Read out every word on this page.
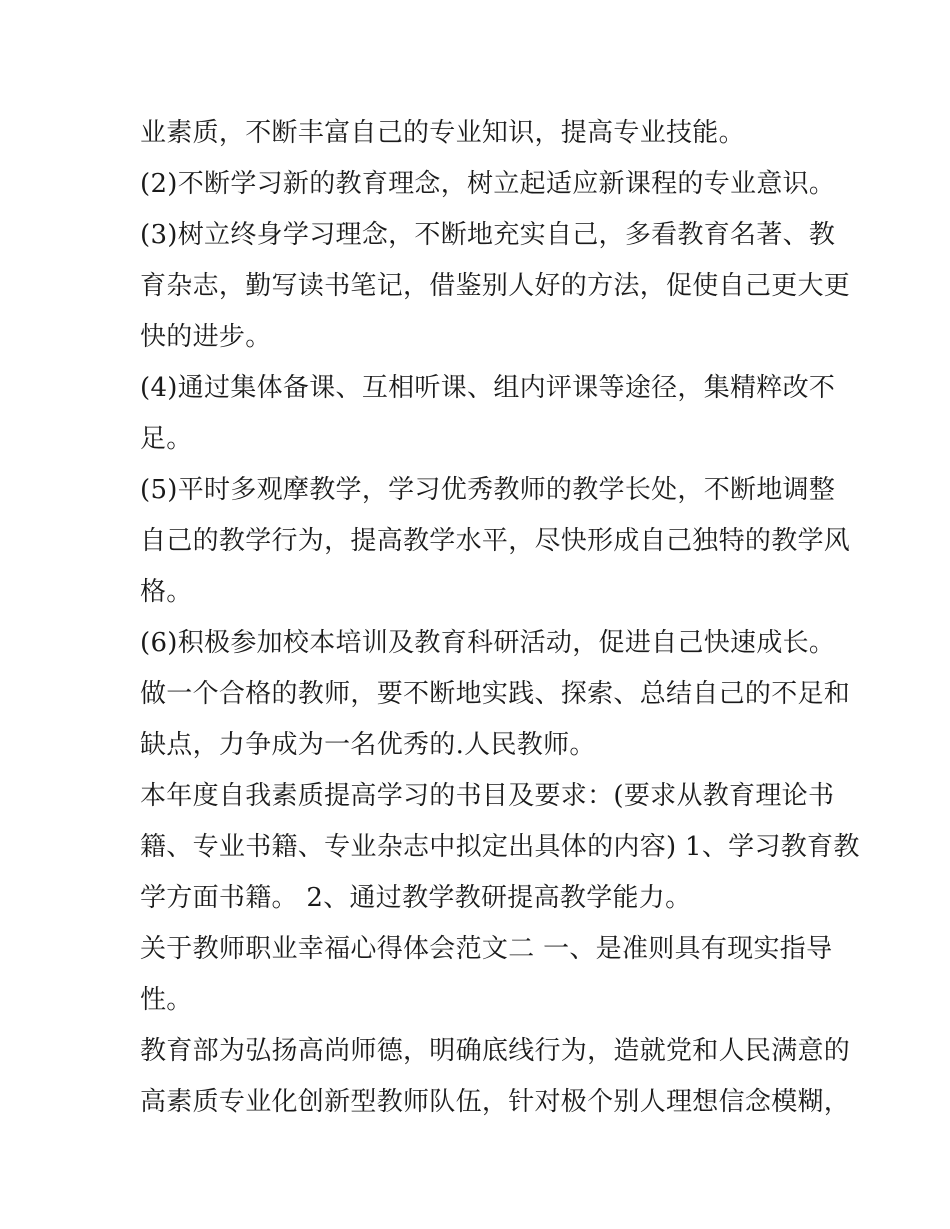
业素质，不断丰富自己的专业知识，提高专业技能。
(2)不断学习新的教育理念，树立起适应新课程的专业意识。
(3)树立终身学习理念，不断地充实自己，多看教育名著、教
育杂志，勤写读书笔记，借鉴别人好的方法，促使自己更大更
快的进步。
(4)通过集体备课、互相听课、组内评课等途径，集精粹改不
足。
(5)平时多观摩教学，学习优秀教师的教学长处，不断地调整
自己的教学行为，提高教学水平，尽快形成自己独特的教学风
格。
(6)积极参加校本培训及教育科研活动，促进自己快速成长。
做一个合格的教师，要不断地实践、探索、总结自己的不足和
缺点，力争成为一名优秀的.人民教师。
本年度自我素质提高学习的书目及要求：(要求从教育理论书
籍、专业书籍、专业杂志中拟定出具体的内容) 1、学习教育教
学方面书籍。 2、通过教学教研提高教学能力。
关于教师职业幸福心得体会范文二 一、是准则具有现实指导
性。
教育部为弘扬高尚师德，明确底线行为，造就党和人民满意的
高素质专业化创新型教师队伍，针对极个别人理想信念模糊，
